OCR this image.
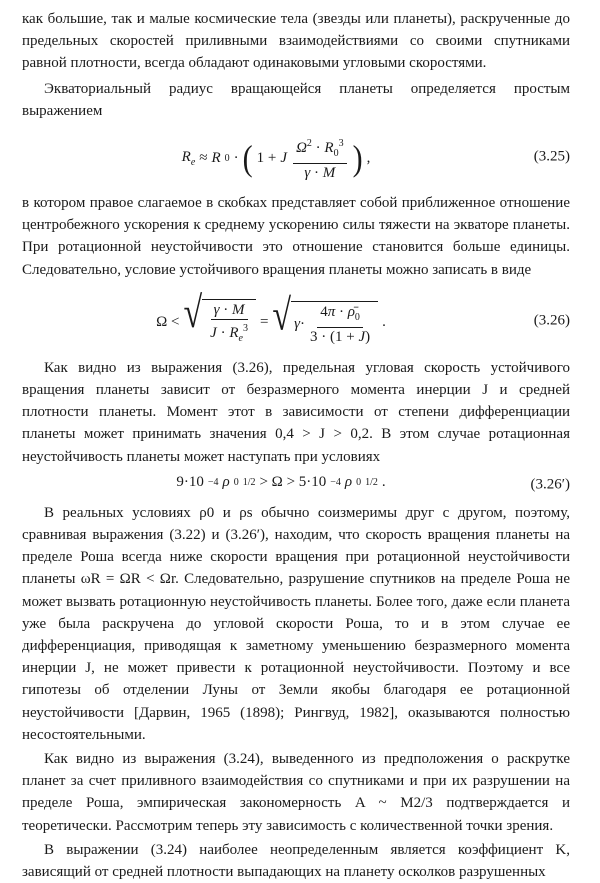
как большие, так и малые космические тела (звезды или планеты), раскрученные до предельных скоростей приливными взаимодействиями со своими спутниками равной плотности, всегда обладают одинаковыми угловыми скоростями.

Экваториальный радиус вращающейся планеты определяется простым выражением

$R_e \approx R$ 0 · ( 1 + J $\frac{\Omega^2 \cdot R_0^3}{\gamma \cdot M}$ ) ,	(3.25)

в котором правое слагаемое в скобках представляет собой приближенное отношение центробежного ускорения к среднему ускорению силы тяжести на экваторе планеты. При ротационной неустойчивости это отношение становится больше единицы. Следовательно, условие устойчивого вращения планеты можно записать в виде

Ω < √ $\frac{\gamma \cdot M}{J \cdot R_e^3}$ = √ $\gamma \cdot \frac{4\pi \cdot \rhō_0}{3 \cdot (1 + J)}$ .	(3.26)

Как видно из выражения (3.26), предельная угловая скорость устойчивого вращения планеты зависит от безразмерного момента инерции J и средней плотности планеты. Момент этот в зависимости от степени дифференциации планеты может принимать значения 0,4 > J > 0,2. В этом случае ротационная неустойчивость планеты может наступать при условиях

9·10 −4 ρ 0 1/2 > Ω > 5·10 −4 ρ 0 1/2 .	(3.26′)

В реальных условиях ρ0 и ρs обычно соизмеримы друг с другом, поэтому, сравнивая выражения (3.22) и (3.26′), находим, что скорость вращения планеты на пределе Роша всегда ниже скорости вращения при ротационной неустойчивости планеты ωR = ΩR < Ωr. Следовательно, разрушение спутников на пределе Роша не может вызвать ротационную неустойчивость планеты. Более того, даже если планета уже была раскручена до угловой скорости Роша, то и в этом случае ее дифференциация, приводящая к заметному уменьшению безразмерного момента инерции J, не может привести к ротационной неустойчивости. Поэтому и все гипотезы об отделении Луны от Земли якобы благодаря ее ротационной неустойчивости [Дарвин, 1965 (1898); Рингвуд, 1982], оказываются полностью несостоятельными.

Как видно из выражения (3.24), выведенного из предположения о раскрутке планет за счет приливного взаимодействия со спутниками и при их разрушении на пределе Роша, эмпирическая закономерность A ~ M2/3 подтверждается и теоретически. Рассмотрим теперь эту зависимость с количественной точки зрения.

В выражении (3.24) наиболее неопределенным является коэффициент K, зависящий от средней плотности выпадающих на планету осколков разрушенных
